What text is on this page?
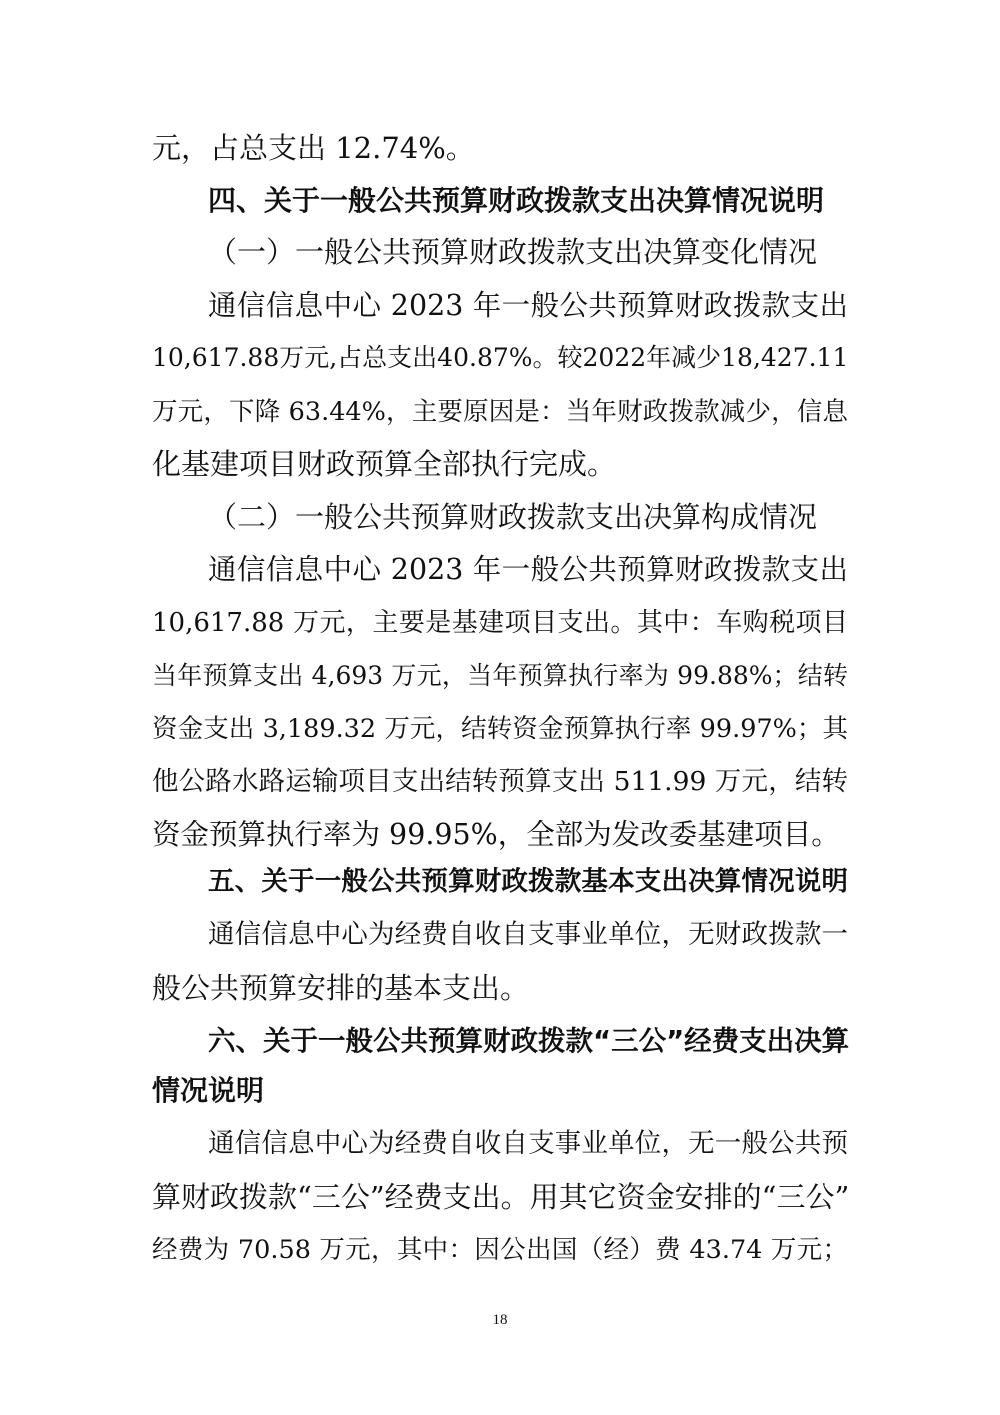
元，占总支出 12.74%。
四、关于一般公共预算财政拨款支出决算情况说明
（一）一般公共预算财政拨款支出决算变化情况
通信信息中心 2023 年一般公共预算财政拨款支出
10,617.88万元,占总支出40.87%。较2022年减少18,427.11
万元，下降 63.44%，主要原因是：当年财政拨款减少，信息
化基建项目财政预算全部执行完成。
（二）一般公共预算财政拨款支出决算构成情况
通信信息中心 2023 年一般公共预算财政拨款支出
10,617.88 万元，主要是基建项目支出。其中：车购税项目
当年预算支出 4,693 万元，当年预算执行率为 99.88%；结转
资金支出 3,189.32 万元，结转资金预算执行率 99.97%；其
他公路水路运输项目支出结转预算支出 511.99 万元，结转
资金预算执行率为 99.95%，全部为发改委基建项目。
五、关于一般公共预算财政拨款基本支出决算情况说明
通信信息中心为经费自收自支事业单位，无财政拨款一
般公共预算安排的基本支出。
六、关于一般公共预算财政拨款“三公”经费支出决算
情况说明
通信信息中心为经费自收自支事业单位，无一般公共预
算财政拨款“三公”经费支出。用其它资金安排的“三公”
经费为 70.58 万元，其中：因公出国（经）费 43.74 万元；
18
